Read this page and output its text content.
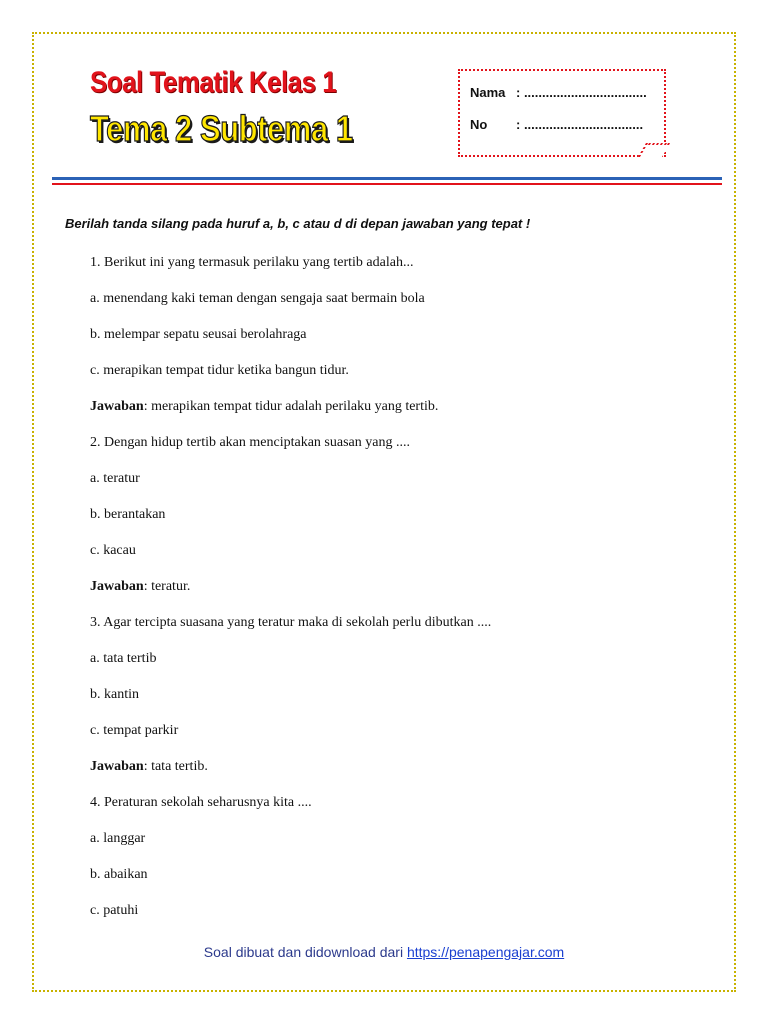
Soal Tematik Kelas 1
Tema 2 Subtema 1
Nama : ..................................
No : .................................
Berilah tanda silang pada huruf a, b, c atau d di depan jawaban yang tepat !
1. Berikut ini yang termasuk perilaku yang tertib adalah...
a. menendang kaki teman dengan sengaja saat bermain bola
b. melempar sepatu seusai berolahraga
c. merapikan tempat tidur ketika bangun tidur.
Jawaban: merapikan tempat tidur adalah perilaku yang tertib.
2. Dengan hidup tertib akan menciptakan suasan yang ....
a. teratur
b. berantakan
c. kacau
Jawaban: teratur.
3. Agar tercipta suasana yang teratur maka di sekolah perlu dibutkan ....
a. tata tertib
b. kantin
c. tempat parkir
Jawaban: tata tertib.
4. Peraturan sekolah seharusnya kita ....
a. langgar
b. abaikan
c. patuhi
Soal dibuat dan didownload dari https://penapengajar.com
